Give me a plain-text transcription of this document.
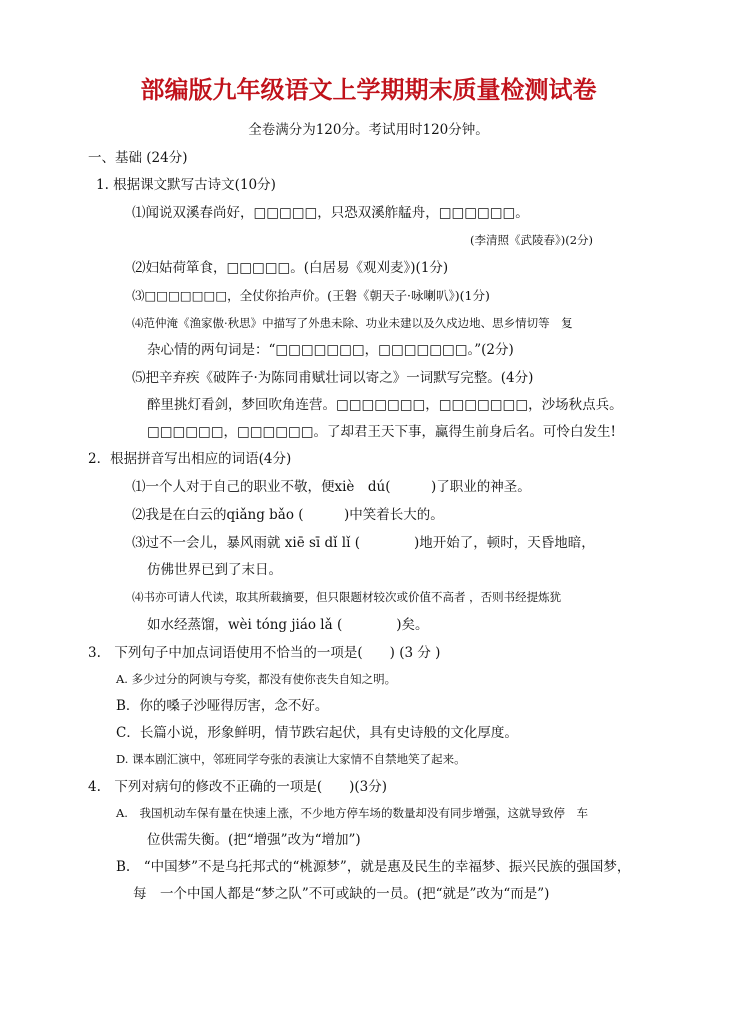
部编版九年级语文上学期期末质量检测试卷
全卷满分为120分。考试用时120分钟。
一、基础 (24分)
1. 根据课文默写古诗文(10分)
⑴闻说双溪春尚好，□□□□□，只恐双溪舴艋舟，□□□□□□。
(李清照《武陵春》)(2分)
⑵妇姑荷箪食，□□□□□。(白居易《观刈麦》)(1分)
⑶□□□□□□□，全仗你抬声价。(王磐《朝天子·咏喇叭》)(1分)
⑷范仲淹《渔家傲·秋思》中描写了外患未除、功业未建以及久戍边地、思乡情切等　复
杂心情的两句词是：“□□□□□□□，□□□□□□□。”(2分)
⑸把辛弃疾《破阵子·为陈同甫赋壮词以寄之》一词默写完整。(4分)
醉里挑灯看剑，梦回吹角连营。□□□□□□□，□□□□□□□，沙场秋点兵。
□□□□□□，□□□□□□。了却君王天下事，赢得生前身后名。可怜白发生!
2．根据拼音写出相应的词语(4分)
⑴一个人对于自己的职业不敬，便xiè　dú(　　　)了职业的神圣。
⑵我是在白云的qiǎng bǎo (　　　)中笑着长大的。
⑶过不一会儿，暴风雨就 xiē sī dǐ lǐ (　　　　)地开始了，顿时，天昏地暗，
仿佛世界已到了末日。
⑷书亦可请人代读，取其所载摘要，但只限题材较次或价值不高者 ，否则书经提炼犹
如水经蒸馏，wèi tóng jiáo lǎ (　　　　)矣。
3.　下列句子中加点词语使用不恰当的一项是(　　) (3 分 )
A. 多少过分的阿谀与夸奖，都没有使你丧失自知之明。
B．你的嗓子沙哑得厉害，念不好。
C．长篇小说，形象鲜明，情节跌宕起伏，具有史诗般的文化厚度。
D. 课本剧汇演中，邻班同学夸张的表演让大家情不自禁地笑了起来。
4.　下列对病句的修改不正确的一项是(　　)(3分)
A.　我国机动车保有量在快速上涨，不少地方停车场的数量却没有同步增强，这就导致停　车
位供需失衡。(把“增强”改为“增加”)
B.　“中国梦”不是乌托邦式的“桃源梦”，就是惠及民生的幸福梦、振兴民族的强国梦，
每　一个中国人都是“梦之队”不可或缺的一员。(把“就是”改为“而是”)
